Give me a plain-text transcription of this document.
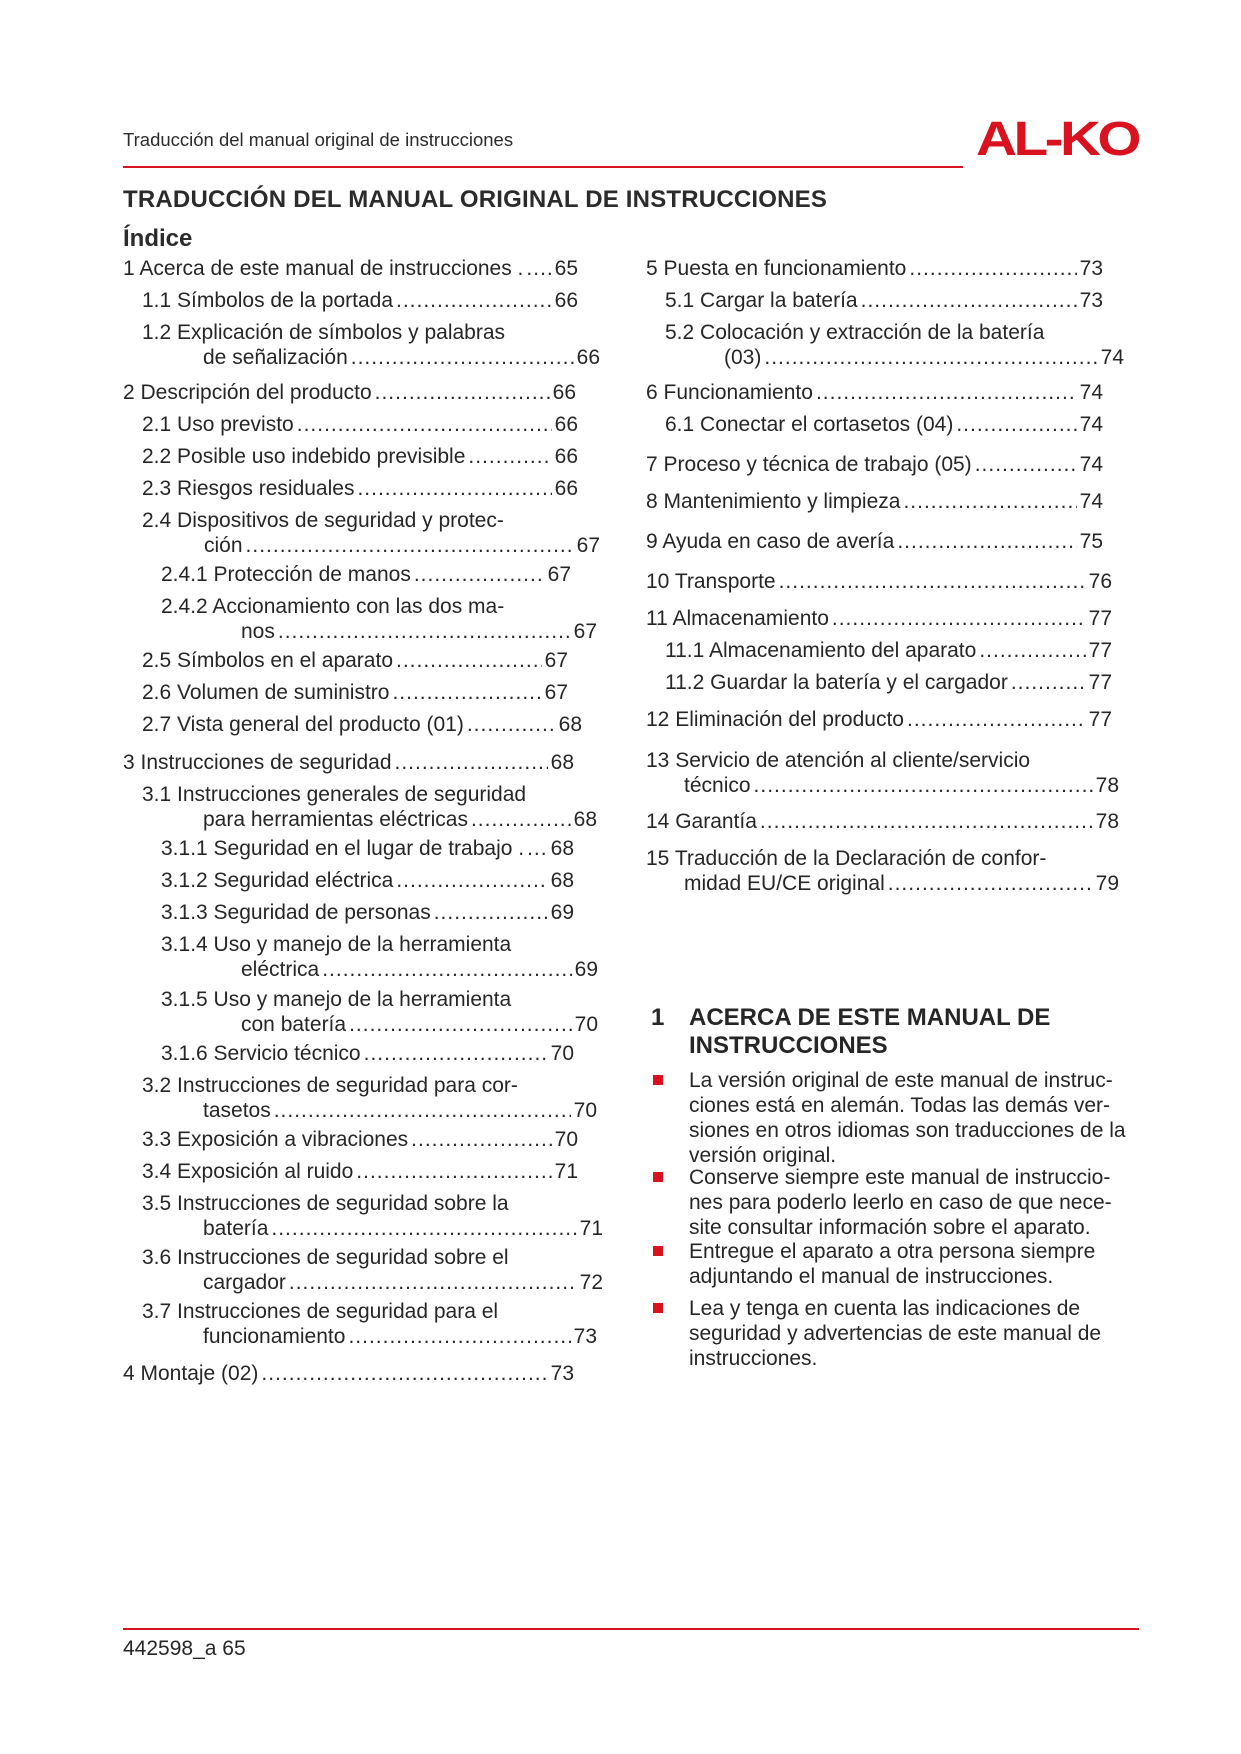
Traducción del manual original de instrucciones	AL-KO
TRADUCCIÓN DEL MANUAL ORIGINAL DE INSTRUCCIONES
Índice
1 Acerca de este manual de instrucciones . ..... 65
1.1 Símbolos de la portada .....	66
1.2 Explicación de símbolos y palabras
de señalización .....	66
2 Descripción del producto .....	66
2.1 Uso previsto .....	66
2.2 Posible uso indebido previsible .....	66
2.3 Riesgos residuales .....	66
2.4 Dispositivos de seguridad y protec-
ción .....	67
2.4.1 Protección de manos .....	67
2.4.2 Accionamiento con las dos ma-
nos .....	67
2.5 Símbolos en el aparato .....	67
2.6 Volumen de suministro .....	67
2.7 Vista general del producto (01) .....	68
3 Instrucciones de seguridad .....	68
3.1 Instrucciones generales de seguridad
para herramientas eléctricas .....	68
3.1.1 Seguridad en el lugar de trabajo . ..... 68
3.1.2 Seguridad eléctrica .....	68
3.1.3 Seguridad de personas .....	69
3.1.4 Uso y manejo de la herramienta
eléctrica .....	69
3.1.5 Uso y manejo de la herramienta
con batería .....	70
3.1.6 Servicio técnico .....	70
3.2 Instrucciones de seguridad para cor-
tasetos .....	70
3.3 Exposición a vibraciones .....	70
3.4 Exposición al ruido .....	71
3.5 Instrucciones de seguridad sobre la
batería .....	71
3.6 Instrucciones de seguridad sobre el
cargador .....	72
3.7 Instrucciones de seguridad para el
funcionamiento .....	73
4 Montaje (02) .....	73
5 Puesta en funcionamiento .....	73
5.1 Cargar la batería .....	73
5.2 Colocación y extracción de la batería
(03) .....	74
6 Funcionamiento .....	74
6.1 Conectar el cortasetos (04) .....	74
7 Proceso y técnica de trabajo (05) .....	74
8 Mantenimiento y limpieza .....	74
9 Ayuda en caso de avería .....	75
10 Transporte .....	76
11 Almacenamiento .....	77
11.1 Almacenamiento del aparato .....	77
11.2 Guardar la batería y el cargador .....	77
12 Eliminación del producto .....	77
13 Servicio de atención al cliente/servicio
técnico .....	78
14 Garantía .....	78
15 Traducción de la Declaración de confor-
midad EU/CE original .....	79
1 ACERCA DE ESTE MANUAL DE
INSTRUCCIONES
La versión original de este manual de instruc-ciones está en alemán. Todas las demás ver-siones en otros idiomas son traducciones de la versión original.
Conserve siempre este manual de instruccio-nes para poderlo leerlo en caso de que nece-site consultar información sobre el aparato.
Entregue el aparato a otra persona siempre adjuntando el manual de instrucciones.
Lea y tenga en cuenta las indicaciones de seguridad y advertencias de este manual de instrucciones.
442598_a 65
